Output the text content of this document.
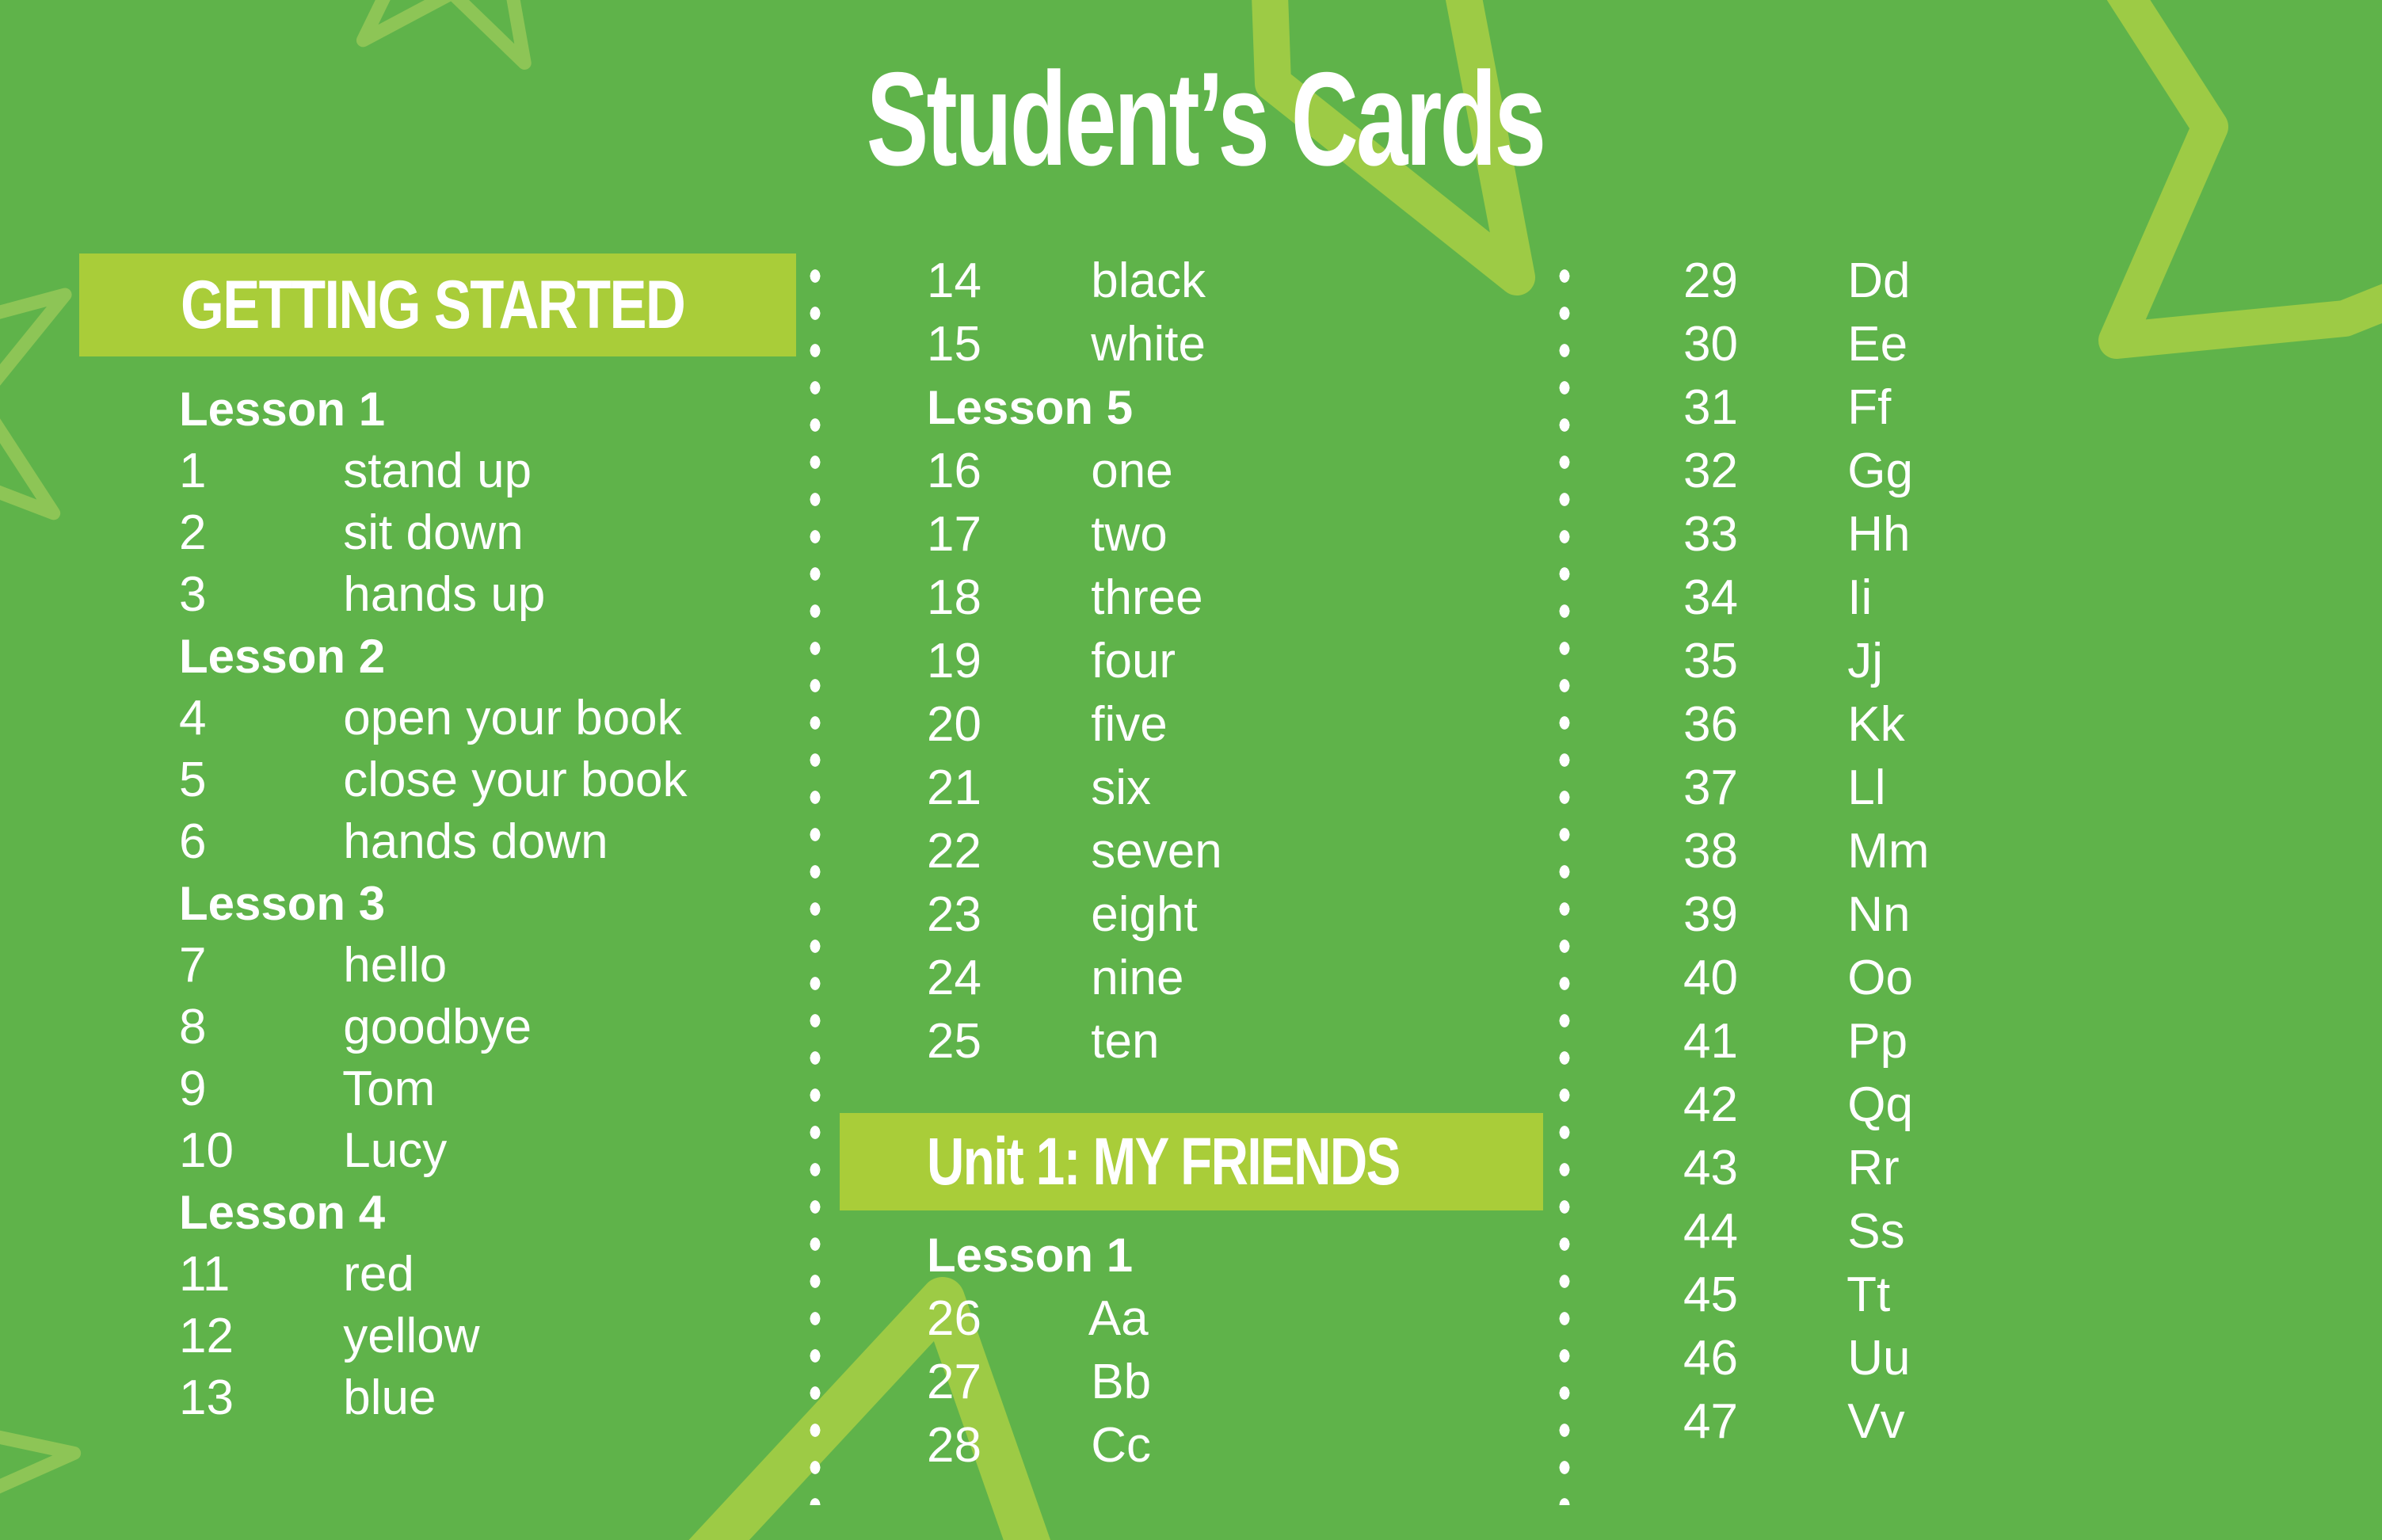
Student’s Cards
GETTING STARTED
Unit 1: MY FRIENDS
Lesson 1
1	stand up
2	sit down
3	hands up
Lesson 2
4	open your book
5	close your book
6	hands down
Lesson 3
7	hello
8	goodbye
9	Tom
10 Lucy
Lesson 4
11 red
12 yellow
13 blue
14 black
15 white
Lesson 5
16 one
17 two
18 three
19 four
20 five
21 six
22 seven
23 eight
24 nine
25 ten
Lesson 1
26 Aa
27 Bb
28 Cc
29 Dd
30 Ee
31 Ff
32 Gg
33 Hh
34 Ii
35 Jj
36 Kk
37 Ll
38 Mm
39 Nn
40 Oo
41 Pp
42 Qq
43 Rr
44 Ss
45 Tt
46 Uu
47 Vv
